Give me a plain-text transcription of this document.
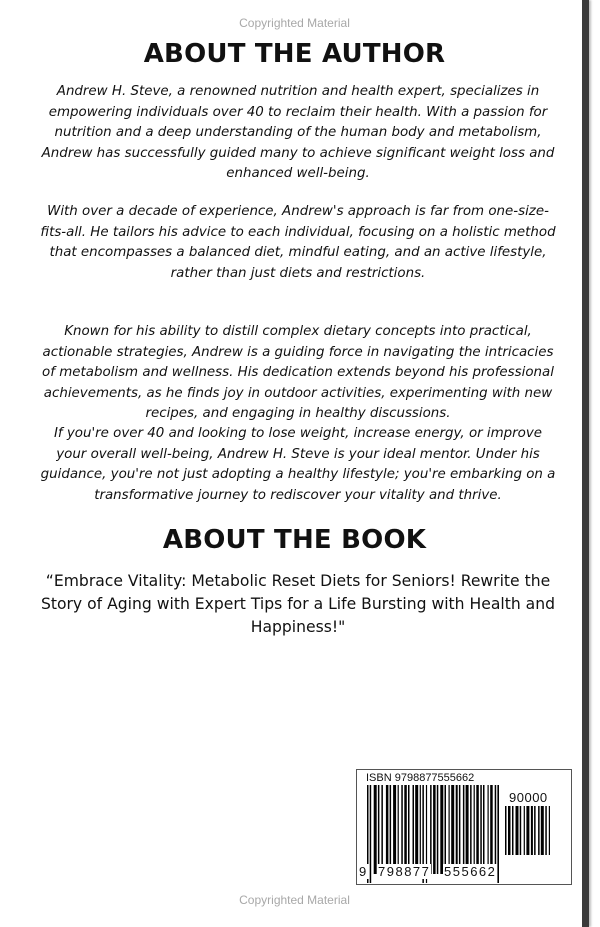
Copyrighted Material
ABOUT THE AUTHOR

Andrew H. Steve, a renowned nutrition and health expert, specializes in empowering individuals over 40 to reclaim their health. With a passion for nutrition and a deep understanding of the human body and metabolism, Andrew has successfully guided many to achieve significant weight loss and enhanced well-being.

With over a decade of experience, Andrew's approach is far from one-size-fits-all. He tailors his advice to each individual, focusing on a holistic method that encompasses a balanced diet, mindful eating, and an active lifestyle, rather than just diets and restrictions.

Known for his ability to distill complex dietary concepts into practical, actionable strategies, Andrew is a guiding force in navigating the intricacies of metabolism and wellness. His dedication extends beyond his professional achievements, as he finds joy in outdoor activities, experimenting with new recipes, and engaging in healthy discussions.

If you're over 40 and looking to lose weight, increase energy, or improve your overall well-being, Andrew H. Steve is your ideal mentor. Under his guidance, you're not just adopting a healthy lifestyle; you're embarking on a transformative journey to rediscover your vitality and thrive.

ABOUT THE BOOK

“Embrace Vitality: Metabolic Reset Diets for Seniors! Rewrite the Story of Aging with Expert Tips for a Life Bursting with Health and Happiness!"

ISBN 9798877555662
90000
9 798877 555662
Copyrighted Material
